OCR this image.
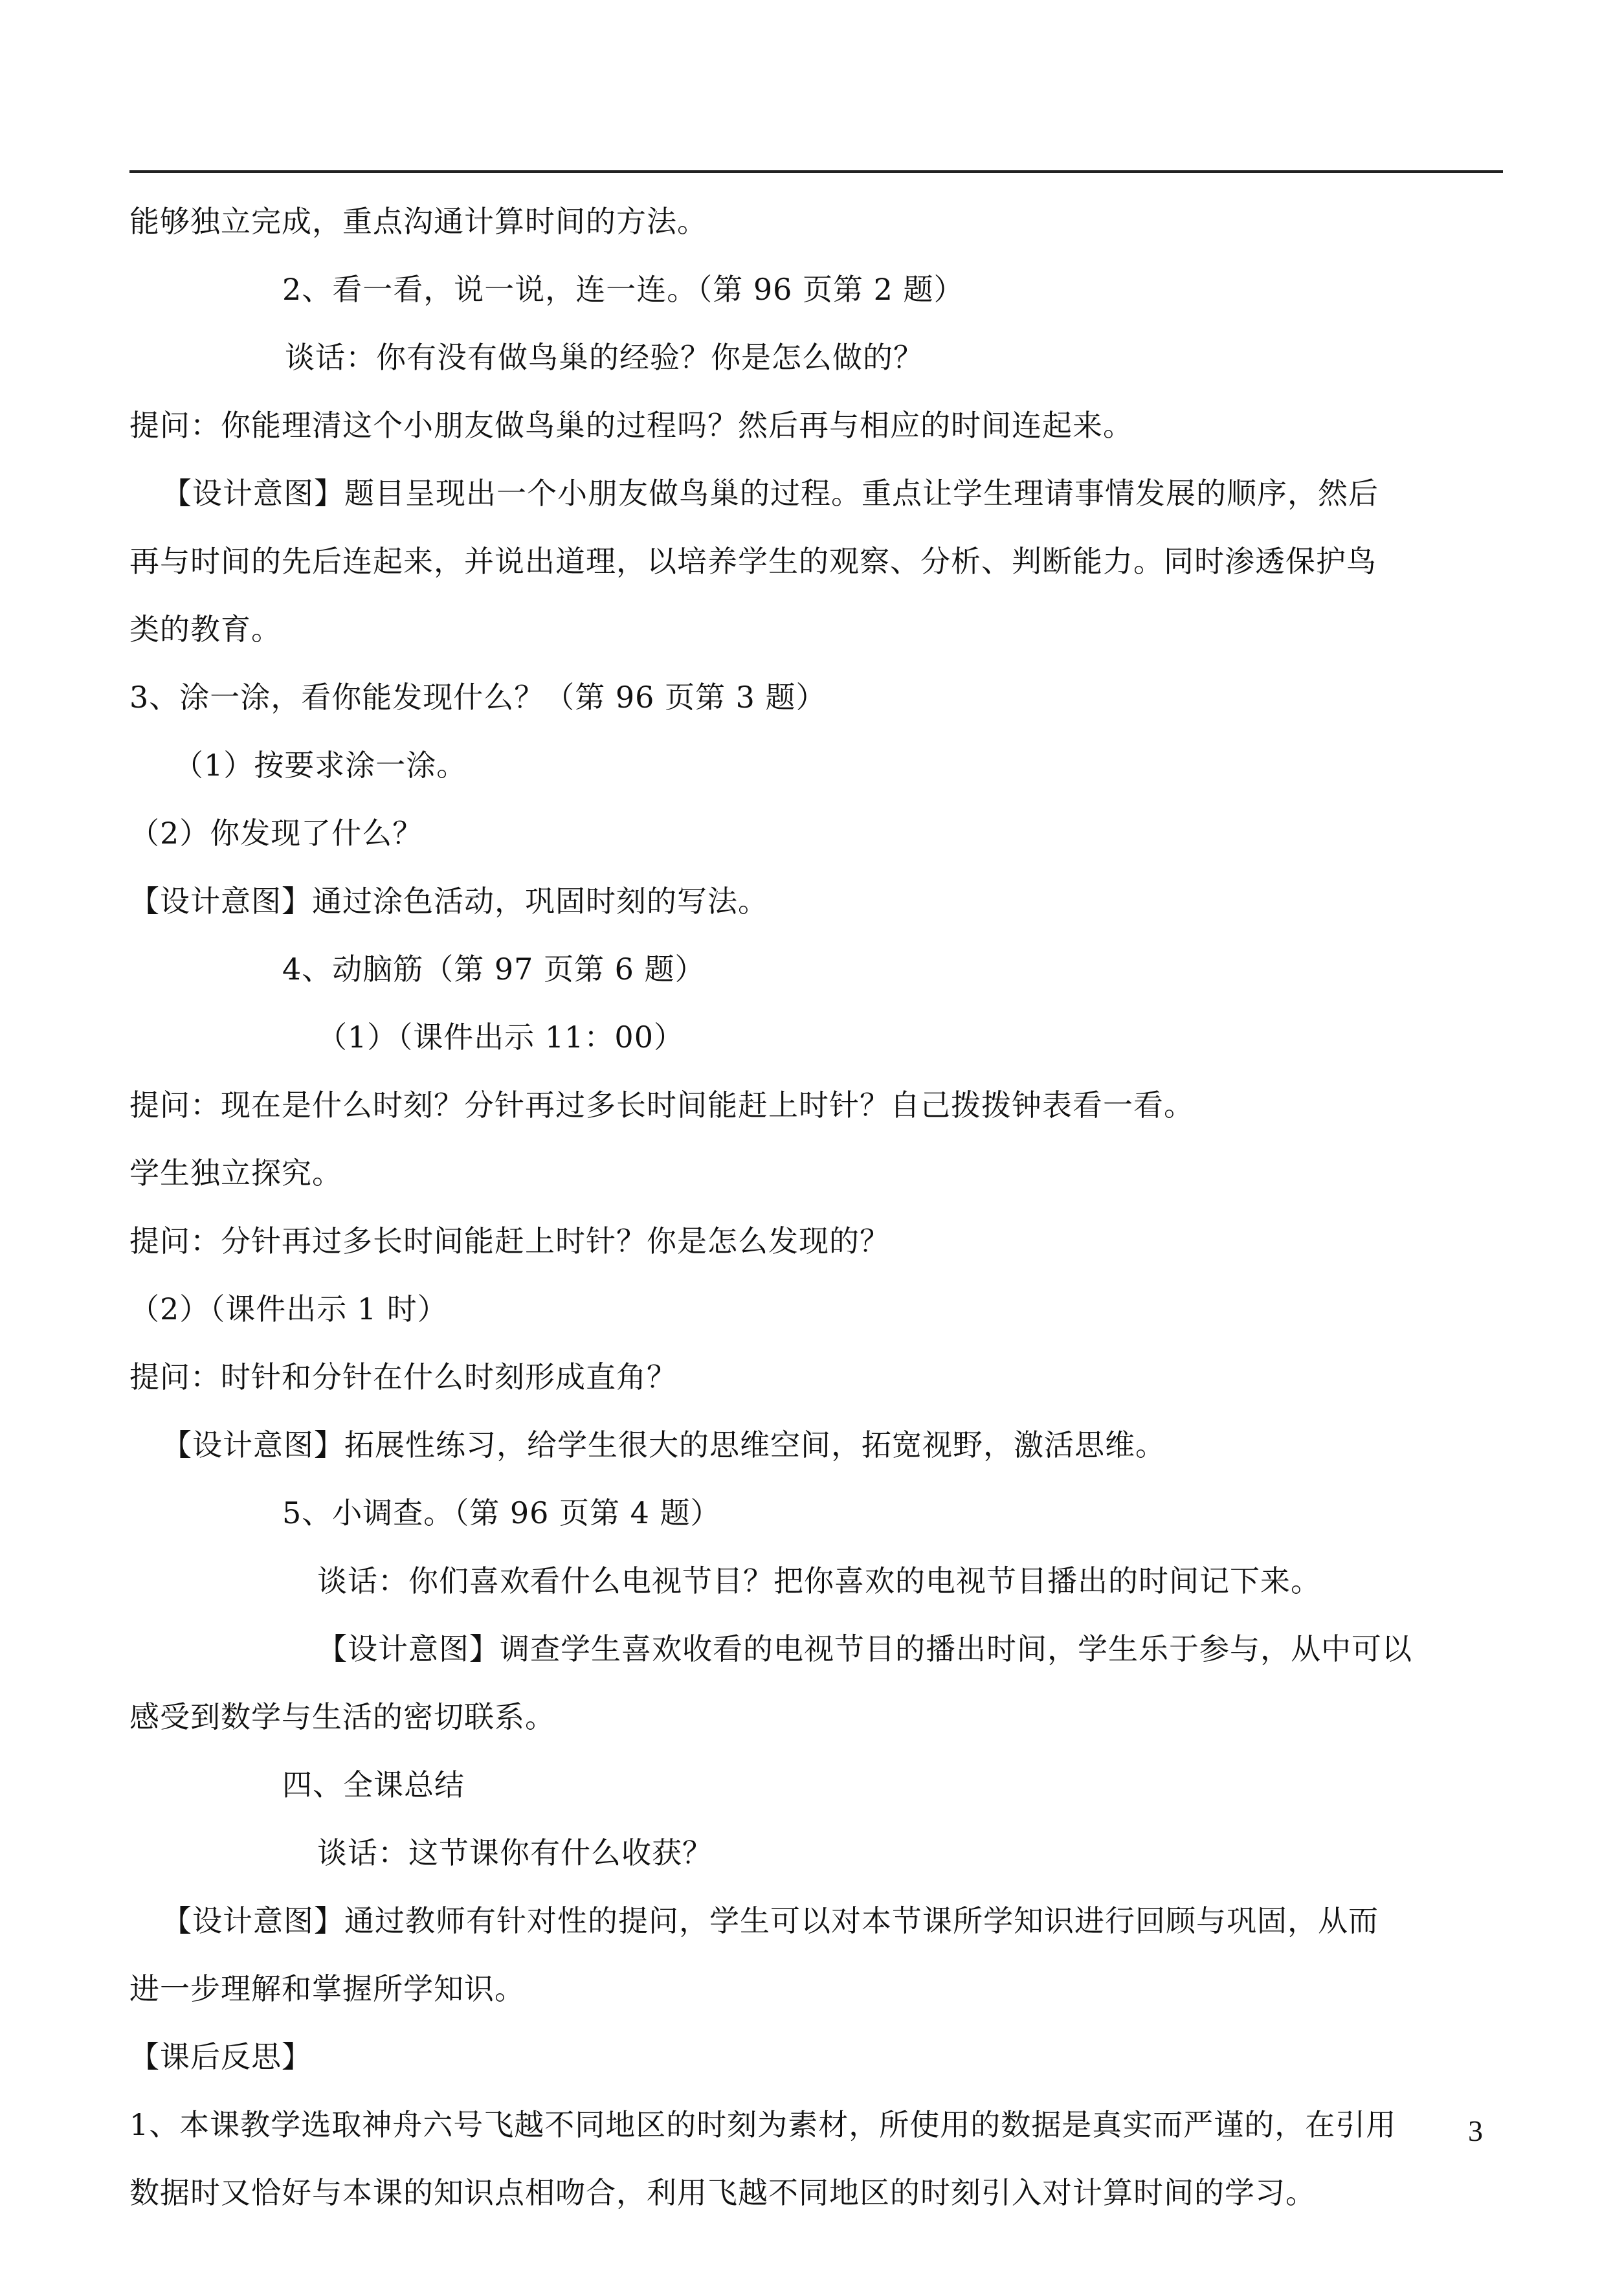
能够独立完成，重点沟通计算时间的方法。
2、看一看，说一说，连一连。（第 96 页第 2 题）
谈话：你有没有做鸟巢的经验？你是怎么做的？
提问：你能理清这个小朋友做鸟巢的过程吗？然后再与相应的时间连起来。
【设计意图】题目呈现出一个小朋友做鸟巢的过程。重点让学生理请事情发展的顺序，然后
再与时间的先后连起来，并说出道理，以培养学生的观察、分析、判断能力。同时渗透保护鸟
类的教育。
3、涂一涂，看你能发现什么？（第 96 页第 3 题）
（1）按要求涂一涂。
（2）你发现了什么？
【设计意图】通过涂色活动，巩固时刻的写法。
4、动脑筋（第 97 页第 6 题）
（1）（课件出示 11：00）
提问：现在是什么时刻？分针再过多长时间能赶上时针？自己拨拨钟表看一看。
学生独立探究。
提问：分针再过多长时间能赶上时针？你是怎么发现的？
（2）（课件出示 1 时）
提问：时针和分针在什么时刻形成直角？
【设计意图】拓展性练习，给学生很大的思维空间，拓宽视野，激活思维。
5、小调查。（第 96 页第 4 题）
谈话：你们喜欢看什么电视节目？把你喜欢的电视节目播出的时间记下来。
【设计意图】调查学生喜欢收看的电视节目的播出时间，学生乐于参与，从中可以
感受到数学与生活的密切联系。
四、全课总结
谈话：这节课你有什么收获？
【设计意图】通过教师有针对性的提问，学生可以对本节课所学知识进行回顾与巩固，从而
进一步理解和掌握所学知识。
【课后反思】
1、本课教学选取神舟六号飞越不同地区的时刻为素材，所使用的数据是真实而严谨的，在引用
数据时又恰好与本课的知识点相吻合，利用飞越不同地区的时刻引入对计算时间的学习。
3
